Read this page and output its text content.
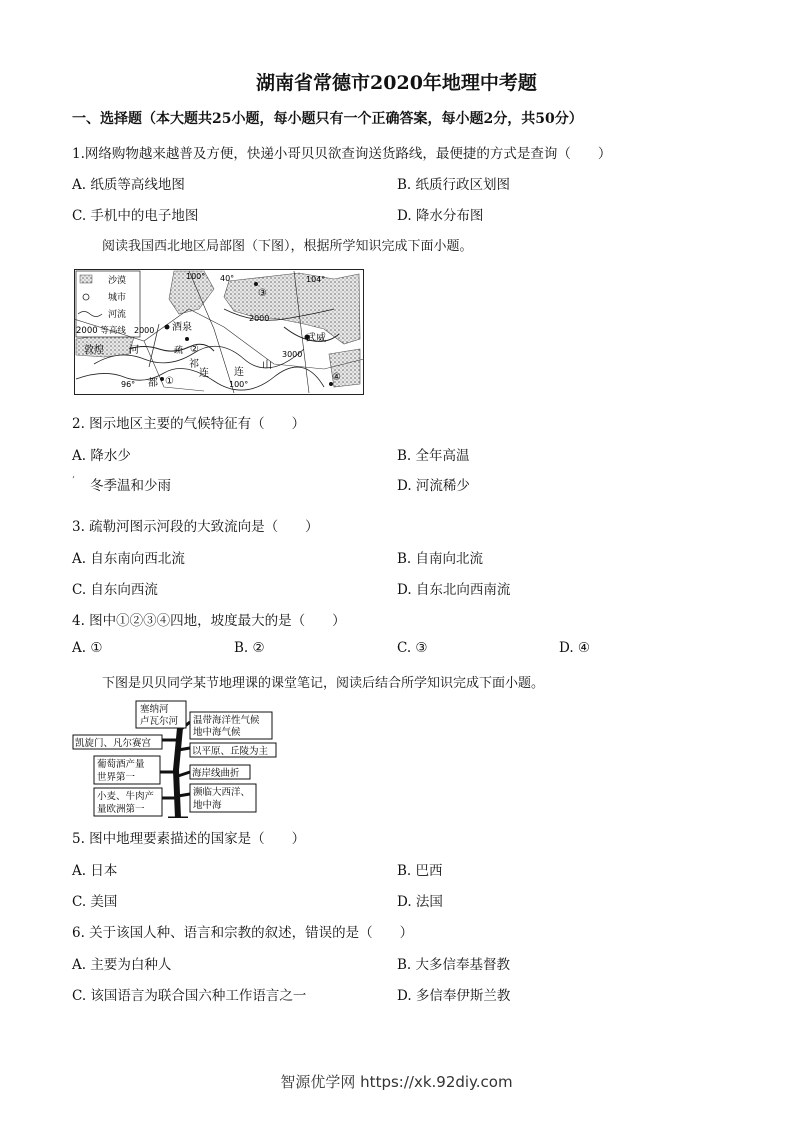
湖南省常德市2020年地理中考题
一、选择题（本大题共25小题，每小题只有一个正确答案，每小题2分，共50分）
1.网络购物越来越普及方便，快递小哥贝贝欲查询送货路线，最便捷的方式是查询（　　）
A. 纸质等高线地图	B. 纸质行政区划图
C. 手机中的电子地图	D. 降水分布图
阅读我国西北地区局部图（下图），根据所学知识完成下面小题。
沙漠
城市
河流
2000 等高线
100° 40°	104°
96°	100°
酒泉
武威
敦煌
都
祁
连	连
山
河	疏
①
②
③
④
2000
2000
3000
2. 图示地区主要的气候特征有（　　）
A. 降水少	B. 全年高温
’ 冬季温和少雨	D. 河流稀少
3. 疏勒河图示河段的大致流向是（　　）
A. 自东南向西北流	B. 自南向北流
C. 自东向西流	D. 自东北向西南流
4. 图中①②③④四地，坡度最大的是（　　）
A. ①	B. ②	C. ③	D. ④
下图是贝贝同学某节地理课的课堂笔记，阅读后结合所学知识完成下面小题。
塞纳河
卢瓦尔河 温带海洋性气候
地中海气候
凯旋门、凡尔赛宫
以平原、丘陵为主
葡萄酒产量
世界第一	海岸线曲折
小麦、牛肉产
量欧洲第一
濒临大西洋、
地中海
5. 图中地理要素描述的国家是（　　）
A. 日本	B. 巴西
C. 美国	D. 法国
6. 关于该国人种、语言和宗教的叙述，错误的是（　　）
A. 主要为白种人	B. 大多信奉基督教
C. 该国语言为联合国六种工作语言之一	D. 多信奉伊斯兰教
智源优学网 https://xk.92diy.com
